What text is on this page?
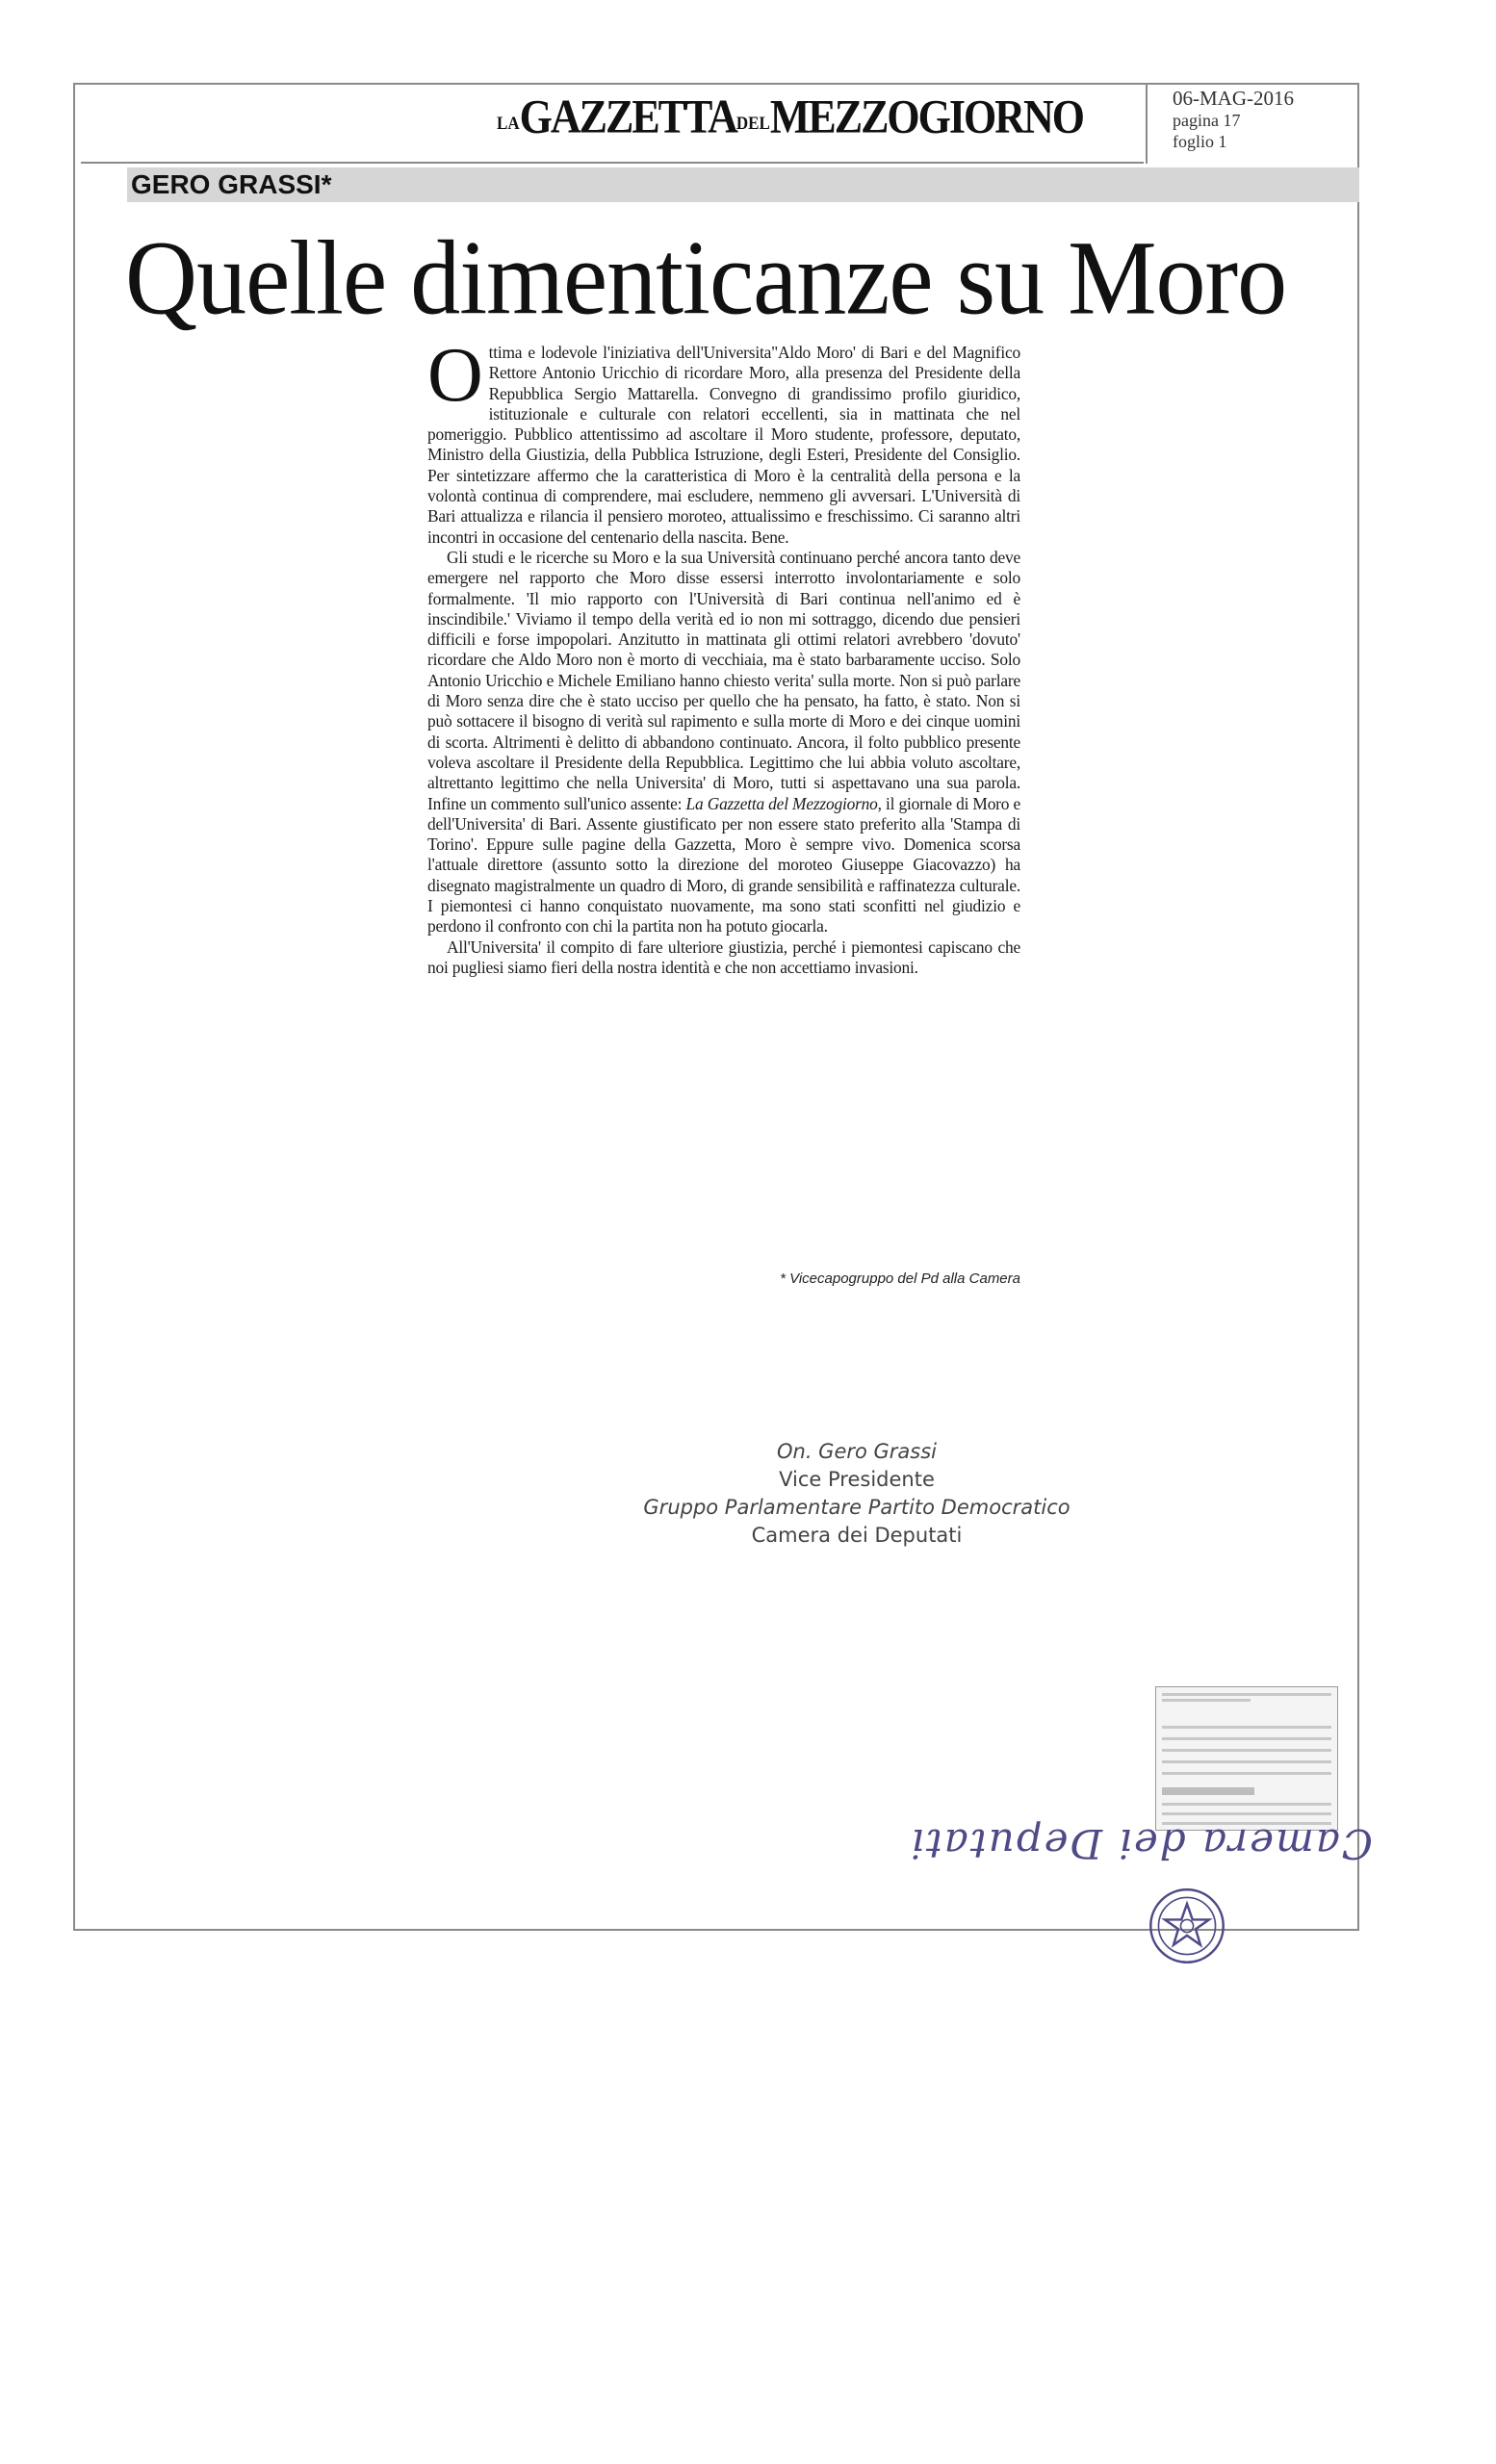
LAGAZZETTADELMEZZOGIORNO	06-MAG-2016
pagina 17
foglio 1
GERO GRASSI*
Quelle dimenticanze su Moro

Ottima e lodevole l'iniziativa dell'Universita"Aldo Moro' di Bari e del Magnifico Rettore Antonio Uricchio di ricordare Moro, alla presenza del Presidente della Repubblica Sergio Mattarella. Convegno di grandissimo profilo giuridico, istituzionale e culturale con relatori eccellenti, sia in mattinata che nel pomeriggio. Pubblico attentissimo ad ascoltare il Moro studente, professore, deputato, Ministro della Giustizia, della Pubblica Istruzione, degli Esteri, Presidente del Consiglio. Per sintetizzare affermo che la caratteristica di Moro è la centralità della persona e la volontà continua di comprendere, mai escludere, nemmeno gli avversari. L'Università di Bari attualizza e rilancia il pensiero moroteo, attualissimo e freschissimo. Ci saranno altri incontri in occasione del centenario della nascita. Bene.

Gli studi e le ricerche su Moro e la sua Università continuano perché ancora tanto deve emergere nel rapporto che Moro disse essersi interrotto involontariamente e solo formalmente. 'Il mio rapporto con l'Università di Bari continua nell'animo ed è inscindibile.' Viviamo il tempo della verità ed io non mi sottraggo, dicendo due pensieri difficili e forse impopolari. Anzitutto in mattinata gli ottimi relatori avrebbero 'dovuto' ricordare che Aldo Moro non è morto di vecchiaia, ma è stato barbaramente ucciso. Solo Antonio Uricchio e Michele Emiliano hanno chiesto verita' sulla morte. Non si può parlare di Moro senza dire che è stato ucciso per quello che ha pensato, ha fatto, è stato. Non si può sottacere il bisogno di verità sul rapimento e sulla morte di Moro e dei cinque uomini di scorta. Altrimenti è delitto di abbandono continuato. Ancora, il folto pubblico presente voleva ascoltare il Presidente della Repubblica. Legittimo che lui abbia voluto ascoltare, altrettanto legittimo che nella Universita' di Moro, tutti si aspettavano una sua parola. Infine un commento sull'unico assente: La Gazzetta del Mezzogiorno, il giornale di Moro e dell'Universita' di Bari. Assente giustificato per non essere stato preferito alla 'Stampa di Torino'. Eppure sulle pagine della Gazzetta, Moro è sempre vivo. Domenica scorsa l'attuale direttore (assunto sotto la direzione del moroteo Giuseppe Giacovazzo) ha disegnato magistralmente un quadro di Moro, di grande sensibilità e raffinatezza culturale. I piemontesi ci hanno conquistato nuovamente, ma sono stati sconfitti nel giudizio e perdono il confronto con chi la partita non ha potuto giocarla.

All'Universita' il compito di fare ulteriore giustizia, perché i piemontesi capiscano che noi pugliesi siamo fieri della nostra identità e che non accettiamo invasioni.

* Vicecapogruppo del Pd alla Camera
On. Gero Grassi
Vice Presidente
Gruppo Parlamentare Partito Democratico
Camera dei Deputati
Camera dei Deputati
